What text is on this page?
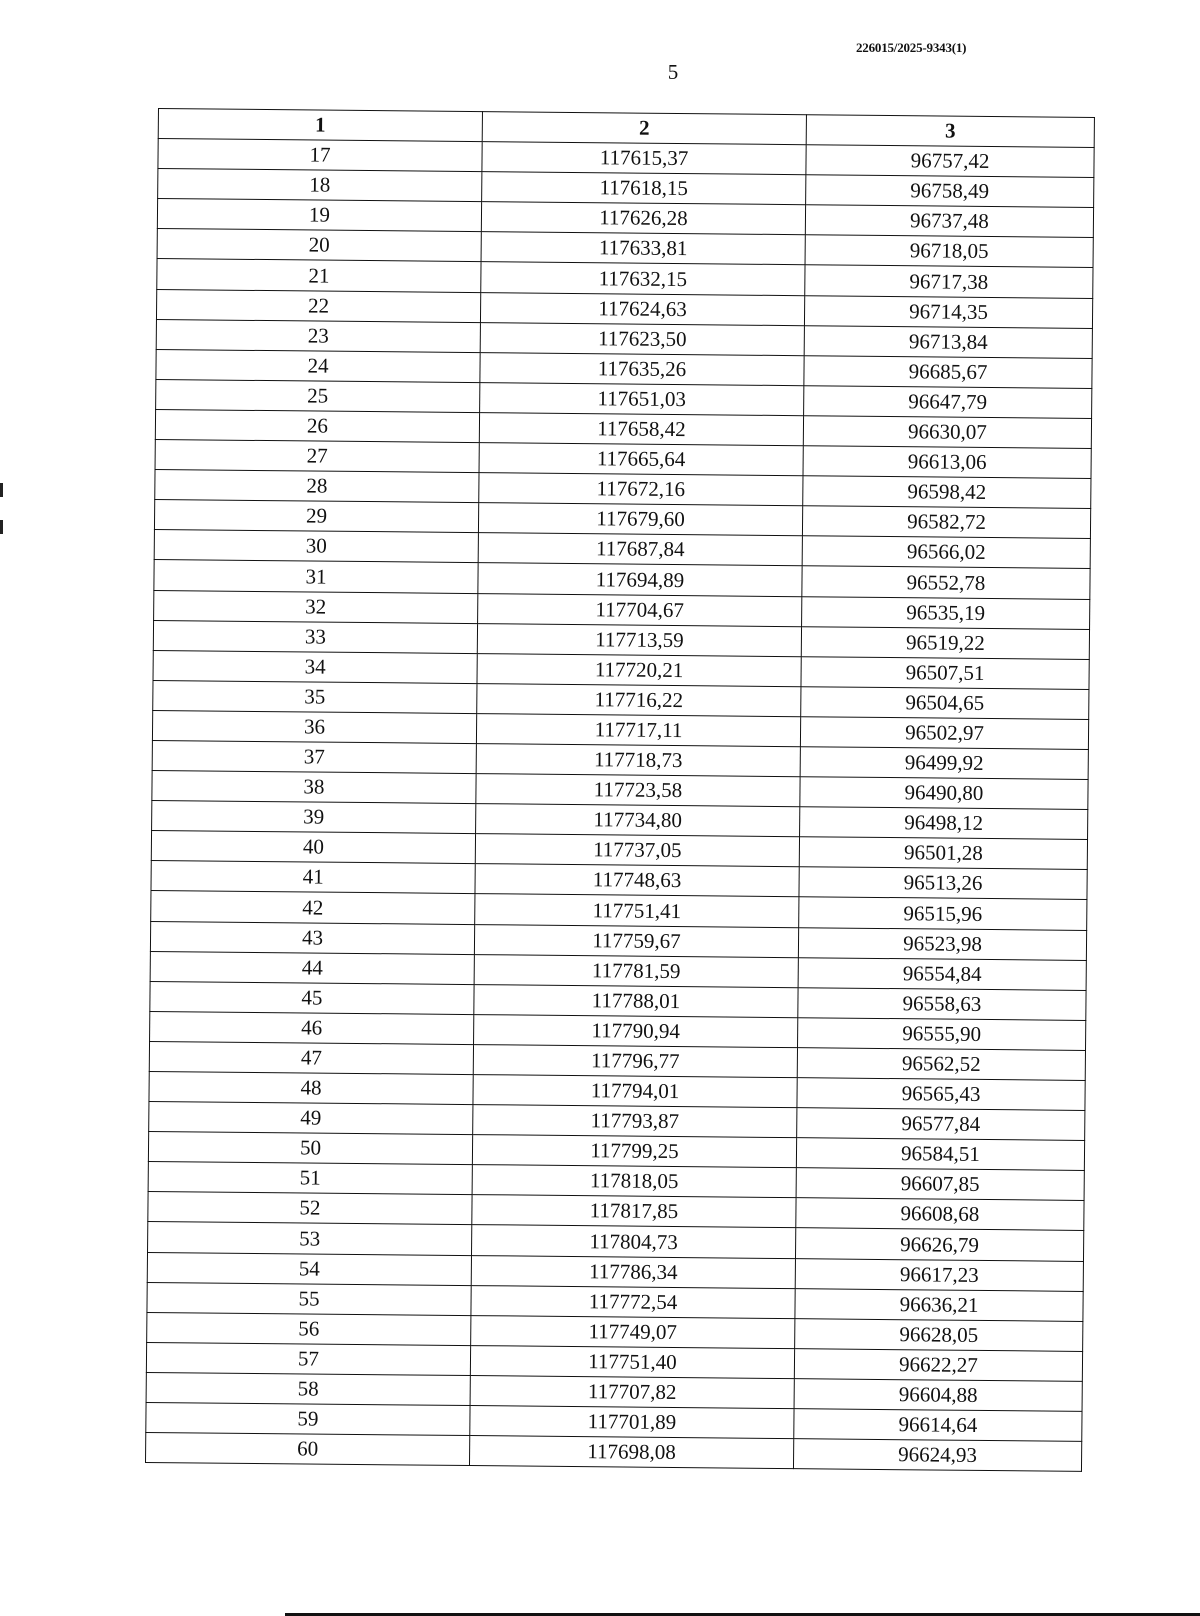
226015/2025-9343(1)
5
1	2	3
17	117615,37	96757,42
18	117618,15	96758,49
19	117626,28	96737,48
20	117633,81	96718,05
21	117632,15	96717,38
22	117624,63	96714,35
23	117623,50	96713,84
24	117635,26	96685,67
25	117651,03	96647,79
26	117658,42	96630,07
27	117665,64	96613,06
28	117672,16	96598,42
29	117679,60	96582,72
30	117687,84	96566,02
31	117694,89	96552,78
32	117704,67	96535,19
33	117713,59	96519,22
34	117720,21	96507,51
35	117716,22	96504,65
36	117717,11	96502,97
37	117718,73	96499,92
38	117723,58	96490,80
39	117734,80	96498,12
40	117737,05	96501,28
41	117748,63	96513,26
42	117751,41	96515,96
43	117759,67	96523,98
44	117781,59	96554,84
45	117788,01	96558,63
46	117790,94	96555,90
47	117796,77	96562,52
48	117794,01	96565,43
49	117793,87	96577,84
50	117799,25	96584,51
51	117818,05	96607,85
52	117817,85	96608,68
53	117804,73	96626,79
54	117786,34	96617,23
55	117772,54	96636,21
56	117749,07	96628,05
57	117751,40	96622,27
58	117707,82	96604,88
59	117701,89	96614,64
60	117698,08	96624,93
